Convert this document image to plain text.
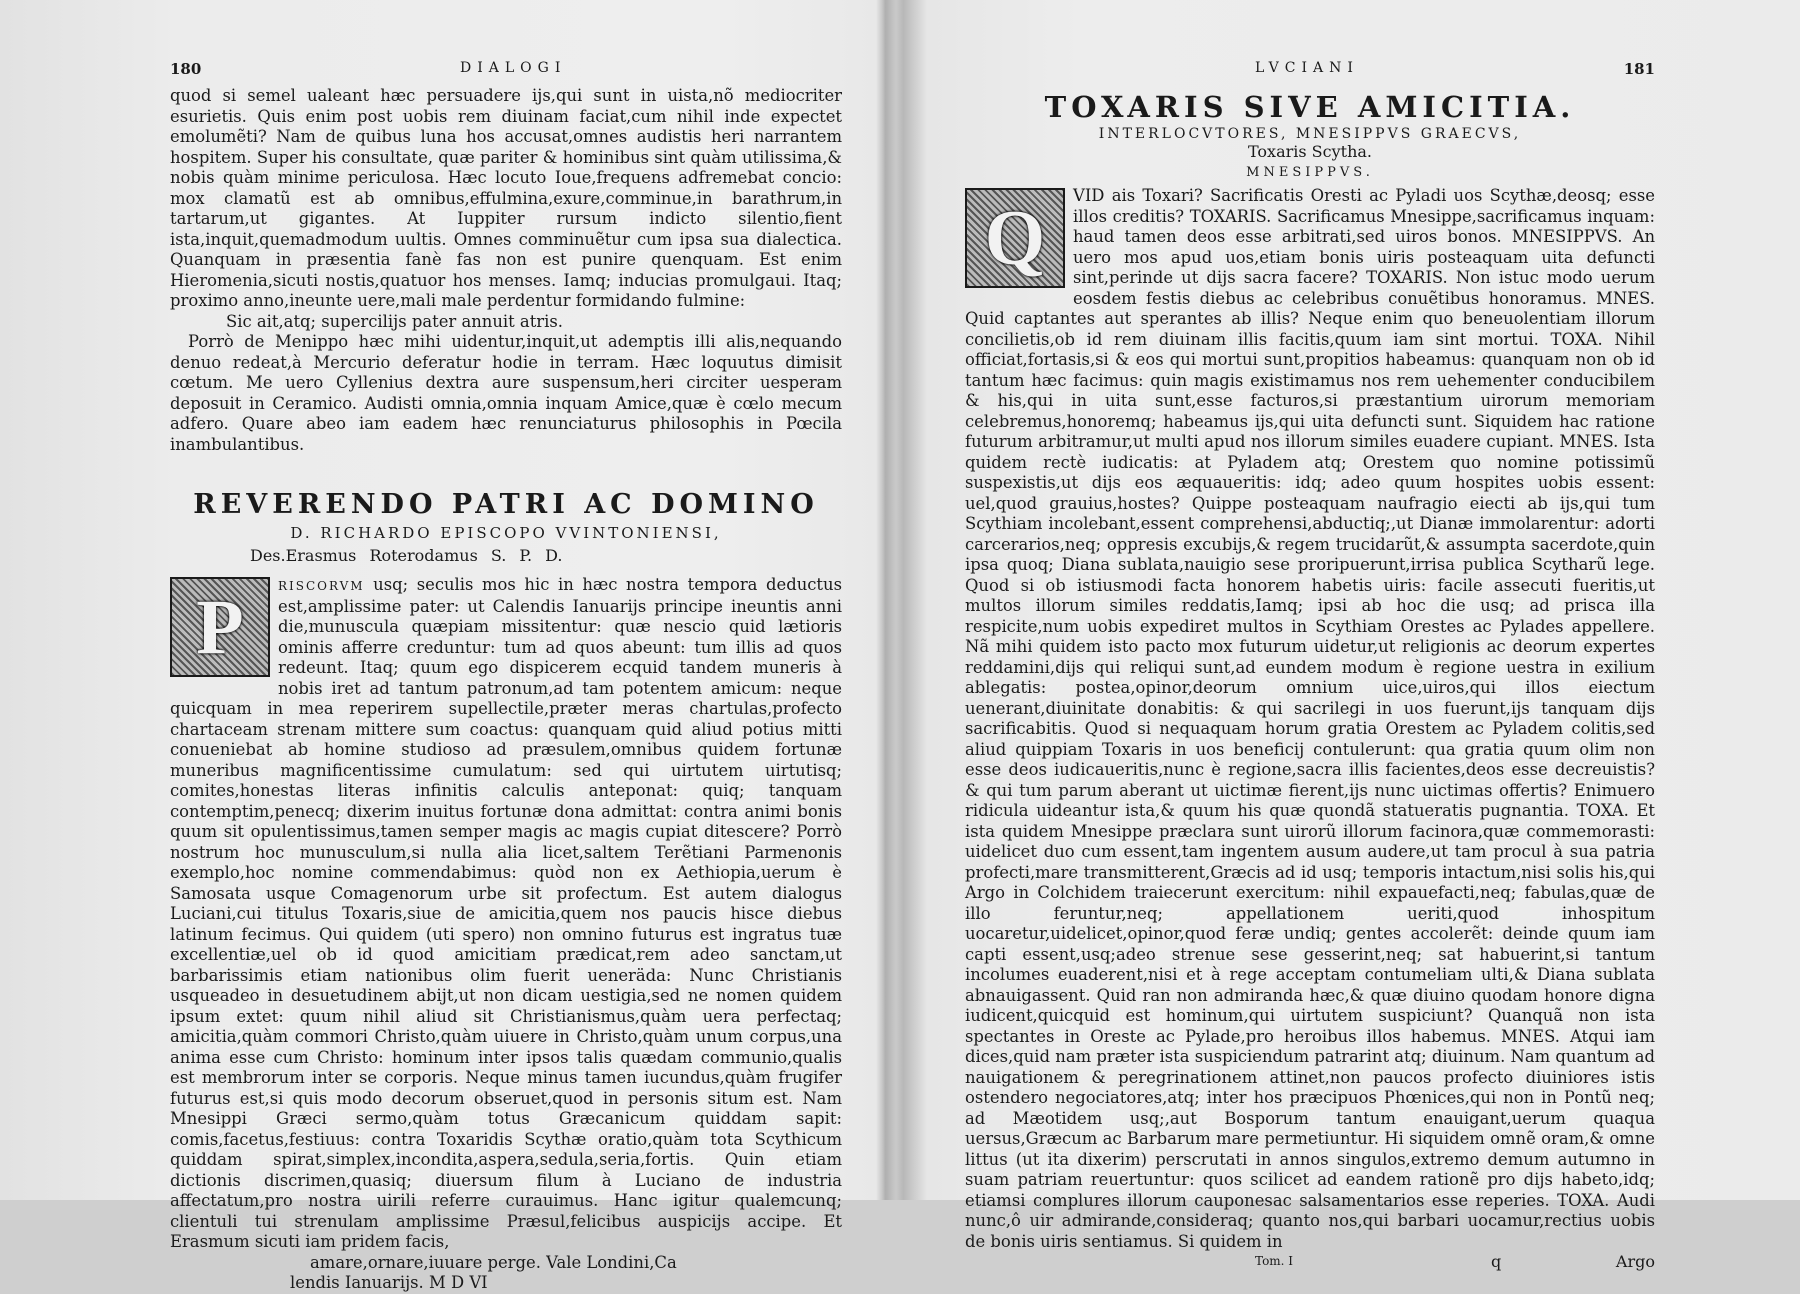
180	DIALOGI

quod si semel ualeant hæc persuadere ijs,qui sunt in uista,nõ mediocriter esurietis. Quis enim post uobis rem diuinam faciat,cum nihil inde expectet emolumẽti? Nam de quibus luna hos accusat,omnes audistis heri narrantem hospitem. Super his consultate, quæ pariter & hominibus sint quàm utilissima,& nobis quàm minime periculosa. Hæc locuto Ioue,frequens adfremebat concio: mox clamatũ est ab omnibus,effulmina,exure,comminue,in barathrum,in tartarum,ut gigantes. At Iuppiter rursum indicto silentio,fient ista,inquit,quemadmodum uultis. Omnes comminuẽtur cum ipsa sua dialectica. Quanquam in præsentia fanè fas non est punire quenquam. Est enim Hieromenia,sicuti nostis,quatuor hos menses. Iamq; inducias promulgaui. Itaq; proximo anno,ineunte uere,mali male perdentur formidando fulmine:

Sic ait,atq; supercilijs pater annuit atris.

Porrò de Menippo hæc mihi uidentur,inquit,ut ademptis illi alis,nequando denuo redeat,à Mercurio deferatur hodie in terram. Hæc loquutus dimisit cœtum. Me uero Cyllenius dextra aure suspensum,heri circiter uesperam deposuit in Ceramico. Audisti omnia,omnia inquam Amice,quæ è cœlo mecum adfero. Quare abeo iam eadem hæc renunciaturus philosophis in Pœcila inambulantibus.

REVERENDO PATRI AC DOMINO
D. RICHARDO EPISCOPO VVINTONIENSI,
Des.Erasmus Roterodamus S. P. D.

P	RISCORVM usq; seculis mos hic in hæc nostra tempora deductus est,amplissime pater: ut Calendis Ianuarijs principe ineuntis anni die,munuscula quæpiam missitentur: quæ nescio quid lætioris ominis afferre creduntur: tum ad quos abeunt: tum illis ad quos redeunt. Itaq; quum ego dispicerem ecquid tandem muneris à nobis iret ad tantum patronum,ad tam potentem amicum: neque quicquam in mea reperirem supellectile,præter meras chartulas,profecto chartaceam strenam mittere sum coactus: quanquam quid aliud potius mitti conueniebat ab homine studioso ad præsulem,omnibus quidem fortunæ muneribus magnificentissime cumulatum: sed qui uirtutem uirtutisq; comites,honestas literas infinitis calculis anteponat: quiq; tanquam contemptim,penecq; dixerim inuitus fortunæ dona admittat: contra animi bonis quum sit opulentissimus,tamen semper magis ac magis cupiat ditescere? Porrò nostrum hoc munusculum,si nulla alia licet,saltem Terẽtiani Parmenonis exemplo,hoc nomine commendabimus: quòd non ex Aethiopia,uerum è Samosata usque Comagenorum urbe sit profectum. Est autem dialogus Luciani,cui titulus Toxaris,siue de amicitia,quem nos paucis hisce diebus latinum fecimus. Qui quidem (uti spero) non omnino futurus est ingratus tuæ excellentiæ,uel ob id quod amicitiam prædicat,rem adeo sanctam,ut barbarissimis etiam nationibus olim fuerit ueneräda: Nunc Christianis usqueadeo in desuetudinem abijt,ut non dicam uestigia,sed ne nomen quidem ipsum extet: quum nihil aliud sit Christianismus,quàm uera perfectaq; amicitia,quàm commori Christo,quàm uiuere in Christo,quàm unum corpus,una anima esse cum Christo: hominum inter ipsos talis quædam communio,qualis est membrorum inter se corporis. Neque minus tamen iucundus,quàm frugifer futurus est,si quis modo decorum obseruet,quod in personis situm est. Nam Mnesippi Græci sermo,quàm totus Græcanicum quiddam sapit: comis,facetus,festiuus: contra Toxaridis Scythæ oratio,quàm tota Scythicum quiddam spirat,simplex,incondita,aspera,sedula,seria,fortis. Quin etiam dictionis discrimen,quasiq; diuersum filum à Luciano de industria affectatum,pro nostra uirili referre curauimus. Hanc igitur qualemcunq; clientuli tui strenulam amplissime Præsul,felicibus auspicijs accipe. Et Erasmum sicuti iam pridem facis,

amare,ornare,iuuare perge. Vale Londini,Ca

lendis Ianuarijs. M D VI

LVCIANI	181
TOXARIS SIVE AMICITIA.
INTERLOCVTORES, MNESIPPVS GRAECVS,
Toxaris Scytha.
MNESIPPVS.

Q	VID ais Toxari? Sacrificatis Oresti ac Pyladi uos Scythæ,deosq; esse illos creditis? TOXARIS. Sacrificamus Mnesippe,sacrificamus inquam: haud tamen deos esse arbitrati,sed uiros bonos. MNESIPPVS. An uero mos apud uos,etiam bonis uiris posteaquam uita defuncti sint,perinde ut dijs sacra facere? TOXARIS. Non istuc modo uerum eosdem festis diebus ac celebribus conuẽtibus honoramus. MNES. Quid captantes aut sperantes ab illis? Neque enim quo beneuolentiam illorum concilietis,ob id rem diuinam illis facitis,quum iam sint mortui. TOXA. Nihil officiat,fortasis,si & eos qui mortui sunt,propitios habeamus: quanquam non ob id tantum hæc facimus: quin magis existimamus nos rem uehementer conducibilem & his,qui in uita sunt,esse facturos,si præstantium uirorum memoriam celebremus,honoremq; habeamus ijs,qui uita defuncti sunt. Siquidem hac ratione futurum arbitramur,ut multi apud nos illorum similes euadere cupiant. MNES. Ista quidem rectè iudicatis: at Pyladem atq; Orestem quo nomine potissimũ suspexistis,ut dijs eos æquaueritis: idq; adeo quum hospites uobis essent: uel,quod grauius,hostes? Quippe posteaquam naufragio eiecti ab ijs,qui tum Scythiam incolebant,essent comprehensi,abductiq;,ut Dianæ immolarentur: adorti carcerarios,neq; oppresis excubijs,& regem trucidarũt,& assumpta sacerdote,quin ipsa quoq; Diana sublata,nauigio sese proripuerunt,irrisa publica Scytharũ lege. Quod si ob istiusmodi facta honorem habetis uiris: facile assecuti fueritis,ut multos illorum similes reddatis,Iamq; ipsi ab hoc die usq; ad prisca illa respicite,num uobis expediret multos in Scythiam Orestes ac Pylades appellere. Nã mihi quidem isto pacto mox futurum uidetur,ut religionis ac deorum expertes reddamini,dijs qui reliqui sunt,ad eundem modum è regione uestra in exilium ablegatis: postea,opinor,deorum omnium uice,uiros,qui illos eiectum uenerant,diuinitate donabitis: & qui sacrilegi in uos fuerunt,ijs tanquam dijs sacrificabitis. Quod si nequaquam horum gratia Orestem ac Pyladem colitis,sed aliud quippiam Toxaris in uos beneficij contulerunt: qua gratia quum olim non esse deos iudicaueritis,nunc è regione,sacra illis facientes,deos esse decreuistis? & qui tum parum aberant ut uictimæ fierent,ijs nunc uictimas offertis? Enimuero ridicula uideantur ista,& quum his quæ quondã statueratis pugnantia. TOXA. Et ista quidem Mnesippe præclara sunt uirorũ illorum facinora,quæ commemorasti: uidelicet duo cum essent,tam ingentem ausum audere,ut tam procul à sua patria profecti,mare transmitterent,Græcis ad id usq; temporis intactum,nisi solis his,qui Argo in Colchidem traiecerunt exercitum: nihil expauefacti,neq; fabulas,quæ de illo feruntur,neq; appellationem ueriti,quod inhospitum uocaretur,uidelicet,opinor,quod feræ undiq; gentes accolerẽt: deinde quum iam capti essent,usq;adeo strenue sese gesserint,neq; sat habuerint,si tantum incolumes euaderent,nisi et à rege acceptam contumeliam ulti,& Diana sublata abnauigassent. Quid ran non admiranda hæc,& quæ diuino quodam honore digna iudicent,quicquid est hominum,qui uirtutem suspiciunt? Quanquã non ista spectantes in Oreste ac Pylade,pro heroibus illos habemus. MNES. Atqui iam dices,quid nam præter ista suspiciendum patrarint atq; diuinum. Nam quantum ad nauigationem & peregrinationem attinet,non paucos profecto diuiniores istis ostendero negociatores,atq; inter hos præcipuos Phœnices,qui non in Pontũ neq; ad Mæotidem usq;,aut Bosporum tantum enauigant,uerum quaqua uersus,Græcum ac Barbarum mare permetiuntur. Hi siquidem omnẽ oram,& omne littus (ut ita dixerim) perscrutati in annos singulos,extremo demum autumno in suam patriam reuertuntur: quos scilicet ad eandem rationẽ pro dijs habeto,idq; etiamsi complures illorum cauponesac salsamentarios esse reperies. TOXA. Audi nunc,ô uir admirande,consideraq; quanto nos,qui barbari uocamur,rectius uobis de bonis uiris sentiamus. Si quidem in

Tom. I	q	Argo
